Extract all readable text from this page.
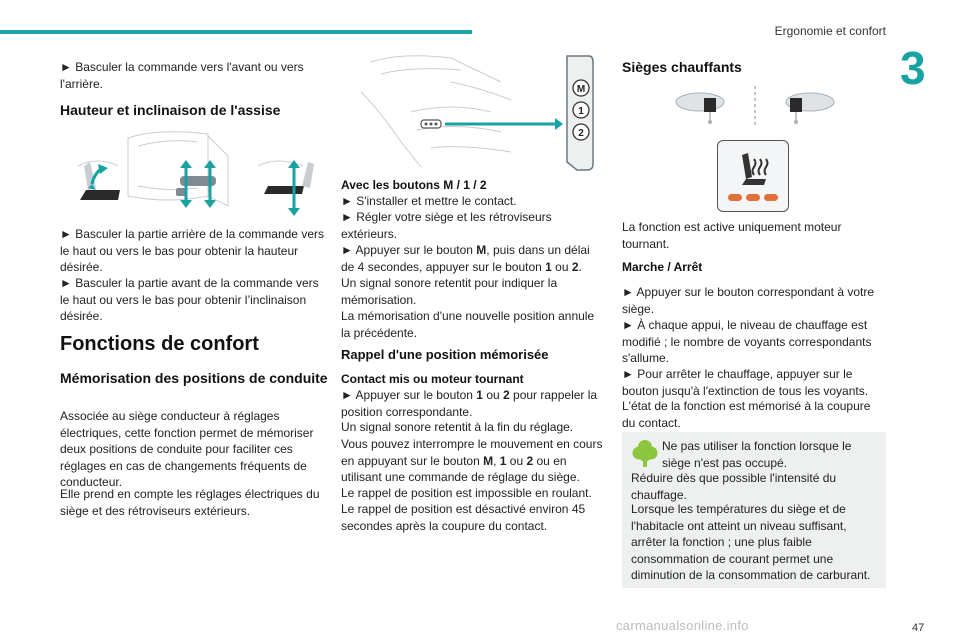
Ergonomie et confort
3

► Basculer la commande vers l'avant ou vers l'arrière.

Hauteur et inclinaison de l'assise

► Basculer la partie arrière de la commande vers le haut ou vers le bas pour obtenir la hauteur désirée.

► Basculer la partie avant de la commande vers le haut ou vers le bas pour obtenir l’inclinaison désirée.

Fonctions de confort
Mémorisation des positions de conduite

Associée au siège conducteur à réglages électriques, cette fonction permet de mémoriser deux positions de conduite pour faciliter ces réglages en cas de changements fréquents de conducteur.

Elle prend en compte les réglages électriques du siège et des rétroviseurs extérieurs.

M
1
2
Avec les boutons M / 1 / 2

► S'installer et mettre le contact.

► Régler votre siège et les rétroviseurs extérieurs.

► Appuyer sur le bouton M, puis dans un délai de 4 secondes, appuyer sur le bouton 1 ou 2.

Un signal sonore retentit pour indiquer la mémorisation.

La mémorisation d'une nouvelle position annule la précédente.

Rappel d'une position mémorisée
Contact mis ou moteur tournant

► Appuyer sur le bouton 1 ou 2 pour rappeler la position correspondante.

Un signal sonore retentit à la fin du réglage.

Vous pouvez interrompre le mouvement en cours en appuyant sur le bouton M, 1 ou 2 ou en utilisant une commande de réglage du siège.

Le rappel de position est impossible en roulant.

Le rappel de position est désactivé environ 45 secondes après la coupure du contact.

Sièges chauffants

La fonction est active uniquement moteur tournant.

Marche / Arrêt

► Appuyer sur le bouton correspondant à votre siège.

► À chaque appui, le niveau de chauffage est modifié ; le nombre de voyants correspondants s'allume.

► Pour arrêter le chauffage, appuyer sur le bouton jusqu'à l'extinction de tous les voyants.

L'état de la fonction est mémorisé à la coupure du contact.

Ne pas utiliser la fonction lorsque le siège n'est pas occupé.

Réduire dès que possible l'intensité du chauffage.

Lorsque les températures du siège et de l'habitacle ont atteint un niveau suffisant, arrêter la fonction ; une plus faible consommation de courant permet une diminution de la consommation de carburant.

carmanualsonline.info	47
